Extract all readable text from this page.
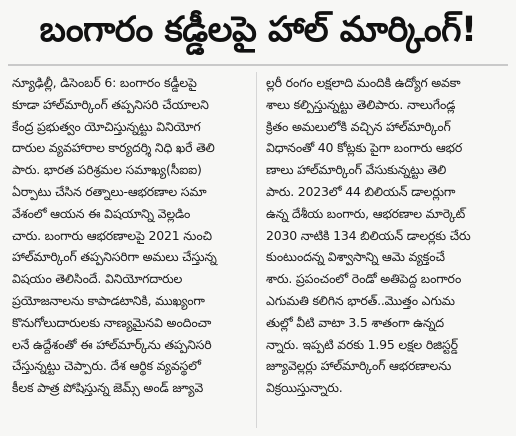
బంగారం కడ్డీలపై హాల్‌ మార్కింగ్‌!
న్యూఢిల్లీ, డిసెంబర్‌ 6: బంగారం కడ్డీలపై
కూడా హాల్‌మార్కింగ్‌ తప్పనిసరి చేయాలని
కేంద్ర ప్రభుత్వం యోచిస్తున్నట్టు వినియోగ
దారుల వ్యవహారాల కార్యదర్శి నిధి ఖరే తెలి
పారు. భారత పరిశ్రమల సమాఖ్య(సీఐఐ)
ఏర్పాటు చేసిన రత్నాలు-ఆభరణాల సమా
వేశంలో ఆయన ఈ విషయాన్ని వెల్లడిం
చారు. బంగారు ఆభరణాలపై 2021 నుంచి
హాల్‌మార్కింగ్‌ తప్పనిసరిగా అమలు చేస్తున్న
విషయం తెలిసిందే. వినియోగదారుల
ప్రయోజనాలను కాపాడటానికి, ముఖ్యంగా
కొనుగోలుదారులకు నాణ్యమైనవి అందించా
లనే ఉద్దేశంతో ఈ హాల్‌మార్క్‌ను తప్పనిసరి
చేస్తున్నట్టు చెప్పారు. దేశ ఆర్థిక వ్యవస్థలో
కీలక పాత్ర పోషిస్తున్న జెమ్స్‌ అండ్‌ జ్యూవె
ల్లరీ రంగం లక్షలాది మందికి ఉద్యోగ అవకా
శాలు కల్పిస్తున్నట్టు తెలిపారు. నాలుగేండ్ల
క్రితం అమలులోకి వచ్చిన హాల్‌మార్కింగ్‌
విధానంతో 40 కోట్లకు పైగా బంగారు ఆభర
ణాలు హాల్‌మార్కింగ్‌ వేసుకున్నట్టు తెలి
పారు. 2023లో 44 బిలియన్‌ డాలర్లుగా
ఉన్న దేశీయ బంగారు, ఆభరణాల మార్కెట్‌
2030 నాటికి 134 బిలియన్‌ డాలర్లకు చేరు
కుంటుందన్న విశ్వాసాన్ని ఆమె వ్యక్తంచే
శారు. ప్రపంచంలో రెండో అతిపెద్ద బంగారం
ఎగుమతి కలిగిన భారత్‌..మొత్తం ఎగుమ
తుల్లో వీటి వాటా 3.5 శాతంగా ఉన్నద
న్నారు. ఇప్పటి వరకు 1.95 లక్షల రిజిస్టర్డ్‌
జ్యూవెల్లర్లు హాల్‌మార్కింగ్‌ ఆభరణాలను
విక్రయిస్తున్నారు.
